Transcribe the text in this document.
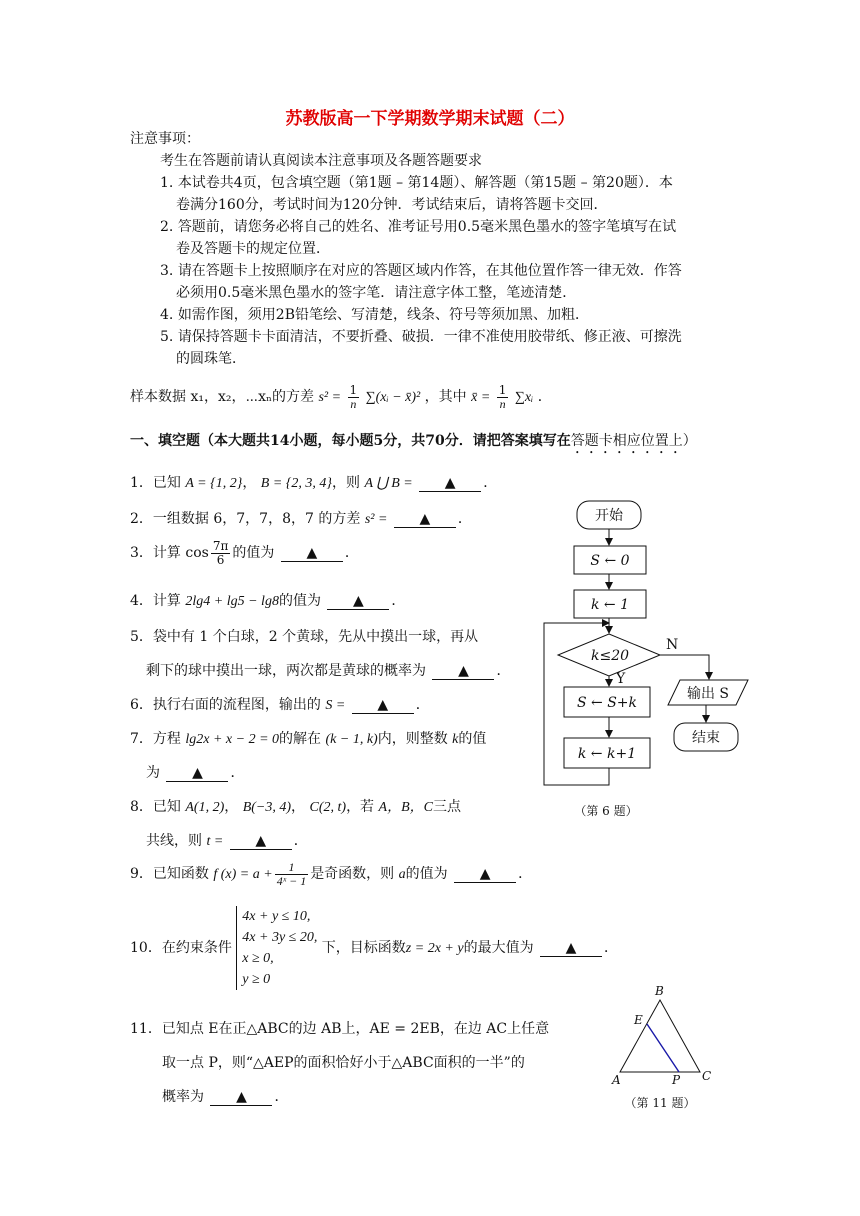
苏教版高一下学期数学期末试题（二）
注意事项：
考生在答题前请认真阅读本注意事项及各题答题要求
1. 本试卷共4页，包含填空题（第1题 – 第14题）、解答题（第15题 – 第20题）．本
卷满分160分，考试时间为120分钟．考试结束后，请将答题卡交回．
2. 答题前，请您务必将自己的姓名、准考证号用0.5毫米黑色墨水的签字笔填写在试
卷及答题卡的规定位置．
3. 请在答题卡上按照顺序在对应的答题区域内作答，在其他位置作答一律无效．作答
必须用0.5毫米黑色墨水的签字笔．请注意字体工整，笔迹清楚．
4. 如需作图，须用2B铅笔绘、写清楚，线条、符号等须加黑、加粗．
5. 请保持答题卡卡面清洁，不要折叠、破损．一律不准使用胶带纸、修正液、可擦洗
的圆珠笔．
样本数据 x₁，x₂，⋯xₙ的方差 $s^2 = \frac{1}{n}$ ∑(xᵢ − x̄)² ，其中 x̄ = $\frac{1}{n}$ ∑xᵢ ．
一、填空题（本大题共14小题，每小题5分，共70分．请把答案填写在答题卡相应位置上）
1．已知 A = {1, 2}， B = {2, 3, 4}，则 A ⋃ B = ▲ ．
2．一组数据 6，7，7，8，7 的方差 s² = ▲ ．
3．计算 $\cos \frac{7\pi}{6}$ 的值为 ▲ ．
4．计算 2lg4 + lg5 − lg8的值为 ▲ ．
5．袋中有 1 个白球，2 个黄球，先从中摸出一球，再从
剩下的球中摸出一球，两次都是黄球的概率为 ▲ ．
6．执行右面的流程图，输出的 S = ▲ ．
7．方程 lg2x + x − 2 = 0的解在 (k − 1, k)内，则整数 k的值
为 ▲ ．
8．已知 A(1, 2)， B(−3, 4)， C(2, t)，若 A，B，C三点
共线，则 t = ▲ ．
9．已知函数 f $(x) = a + \frac{1}{\text{4ˣ − 1}}$ 是奇函数，则 a的值为 ▲ ．
10．在约束条件
4x + y ≤ 10,
4x + 3y ≤ 20,
x ≥ 0,
y ≥ 0
下，目标函数z = 2x + y的最大值为 ▲ ．
11．已知点 E在正△ABC的边 AB上，AE = 2EB，在边 AC上任意
取一点 P，则“△AEP的面积恰好小于△ABC面积的一半”的
概率为 ▲ ．
开始
S ← 0
k ← 1
k≤20
N
Y
S ← S+k
k ← k+1
输出 S
结束
（第 6 题）
B
E
A	P C
（第 11 题）
